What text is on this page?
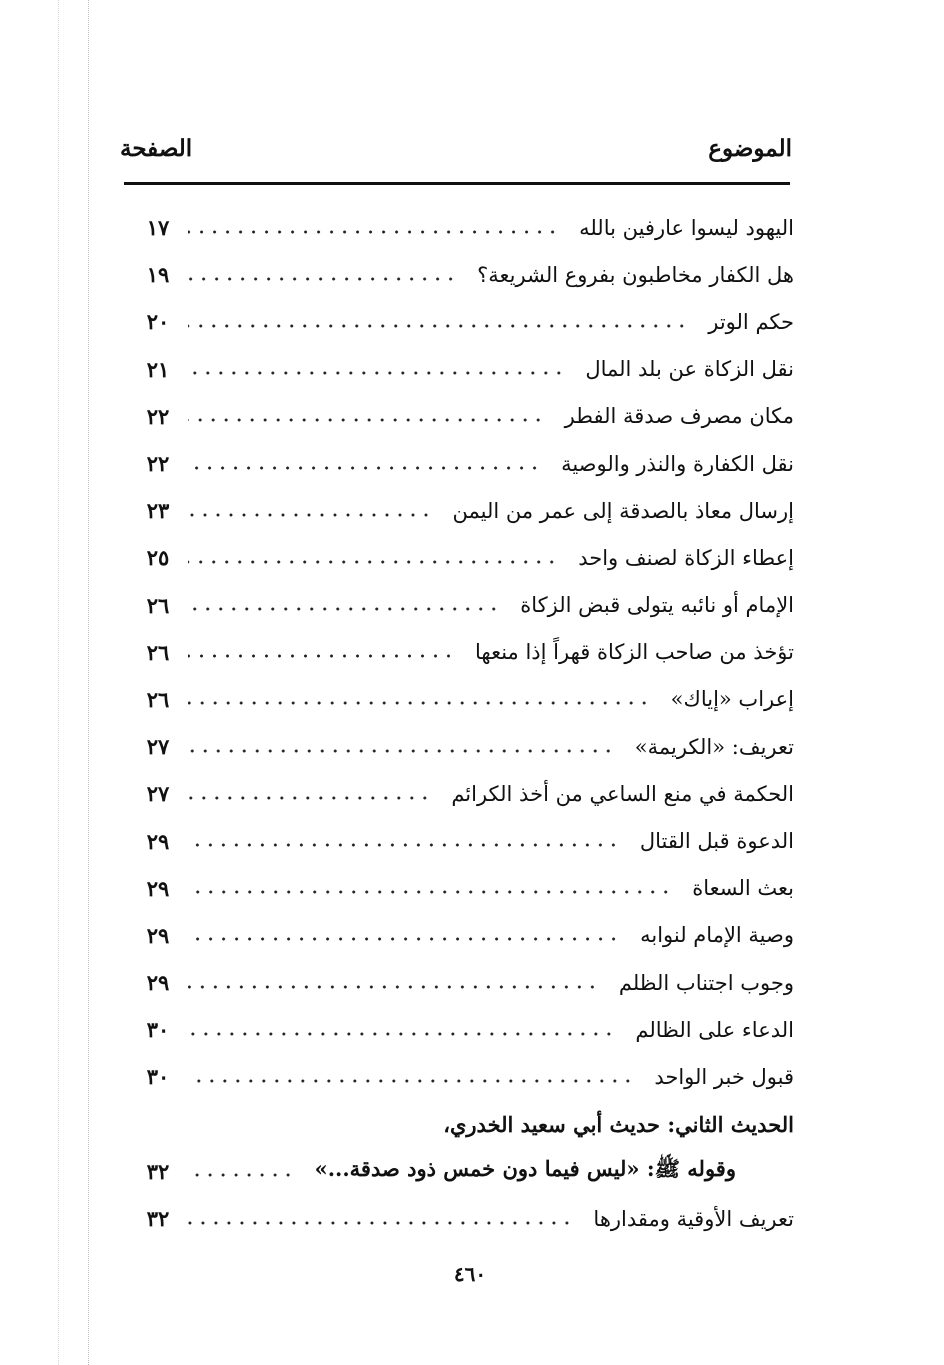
الموضوع
الصفحة
اليهود ليسوا عارفين بالله
١٧
هل الكفار مخاطبون بفروع الشريعة؟
١٩
حكم الوتر
٢٠
نقل الزكاة عن بلد المال
٢١
مكان مصرف صدقة الفطر
٢٢
نقل الكفارة والنذر والوصية
٢٢
إرسال معاذ بالصدقة إلى عمر من اليمن
٢٣
إعطاء الزكاة لصنف واحد
٢٥
الإمام أو نائبه يتولى قبض الزكاة
٢٦
تؤخذ من صاحب الزكاة قهراً إذا منعها
٢٦
إعراب «إياك»
٢٦
تعريف: «الكريمة»
٢٧
الحكمة في منع الساعي من أخذ الكرائم
٢٧
الدعوة قبل القتال
٢٩
بعث السعاة
٢٩
وصية الإمام لنوابه
٢٩
وجوب اجتناب الظلم
٢٩
الدعاء على الظالم
٣٠
قبول خبر الواحد
٣٠
الحديث الثاني: حديث أبي سعيد الخدري،
وقوله ﷺ: «ليس فيما دون خمس ذود صدقة...»
٣٢
تعريف الأوقية ومقدارها
٣٢
٤٦٠
